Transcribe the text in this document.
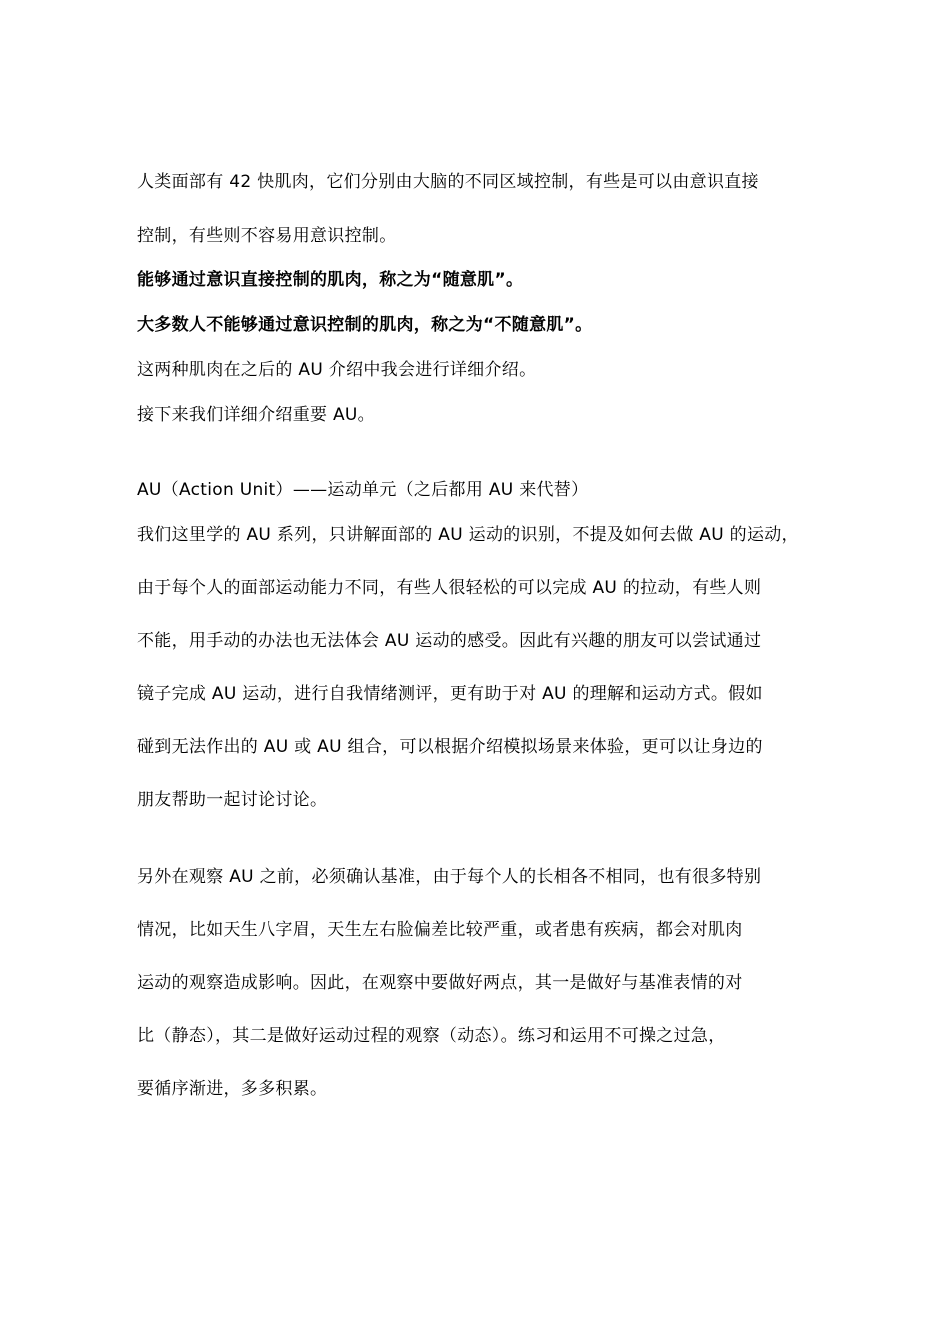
人类面部有 42 快肌肉，它们分别由大脑的不同区域控制，有些是可以由意识直接
控制，有些则不容易用意识控制。
能够通过意识直接控制的肌肉，称之为“随意肌”。
大多数人不能够通过意识控制的肌肉，称之为“不随意肌”。
这两种肌肉在之后的 AU 介绍中我会进行详细介绍。
接下来我们详细介绍重要 AU。
AU（Action Unit）——运动单元（之后都用 AU 来代替）
我们这里学的 AU 系列，只讲解面部的 AU 运动的识别，不提及如何去做 AU 的运动，
由于每个人的面部运动能力不同，有些人很轻松的可以完成 AU 的拉动，有些人则
不能，用手动的办法也无法体会 AU 运动的感受。因此有兴趣的朋友可以尝试通过
镜子完成 AU 运动，进行自我情绪测评，更有助于对 AU 的理解和运动方式。假如
碰到无法作出的 AU 或 AU 组合，可以根据介绍模拟场景来体验，更可以让身边的
朋友帮助一起讨论讨论。
另外在观察 AU 之前，必须确认基准，由于每个人的长相各不相同，也有很多特别
情况，比如天生八字眉，天生左右脸偏差比较严重，或者患有疾病，都会对肌肉
运动的观察造成影响。因此，在观察中要做好两点，其一是做好与基准表情的对
比（静态），其二是做好运动过程的观察（动态）。练习和运用不可操之过急，
要循序渐进，多多积累。
